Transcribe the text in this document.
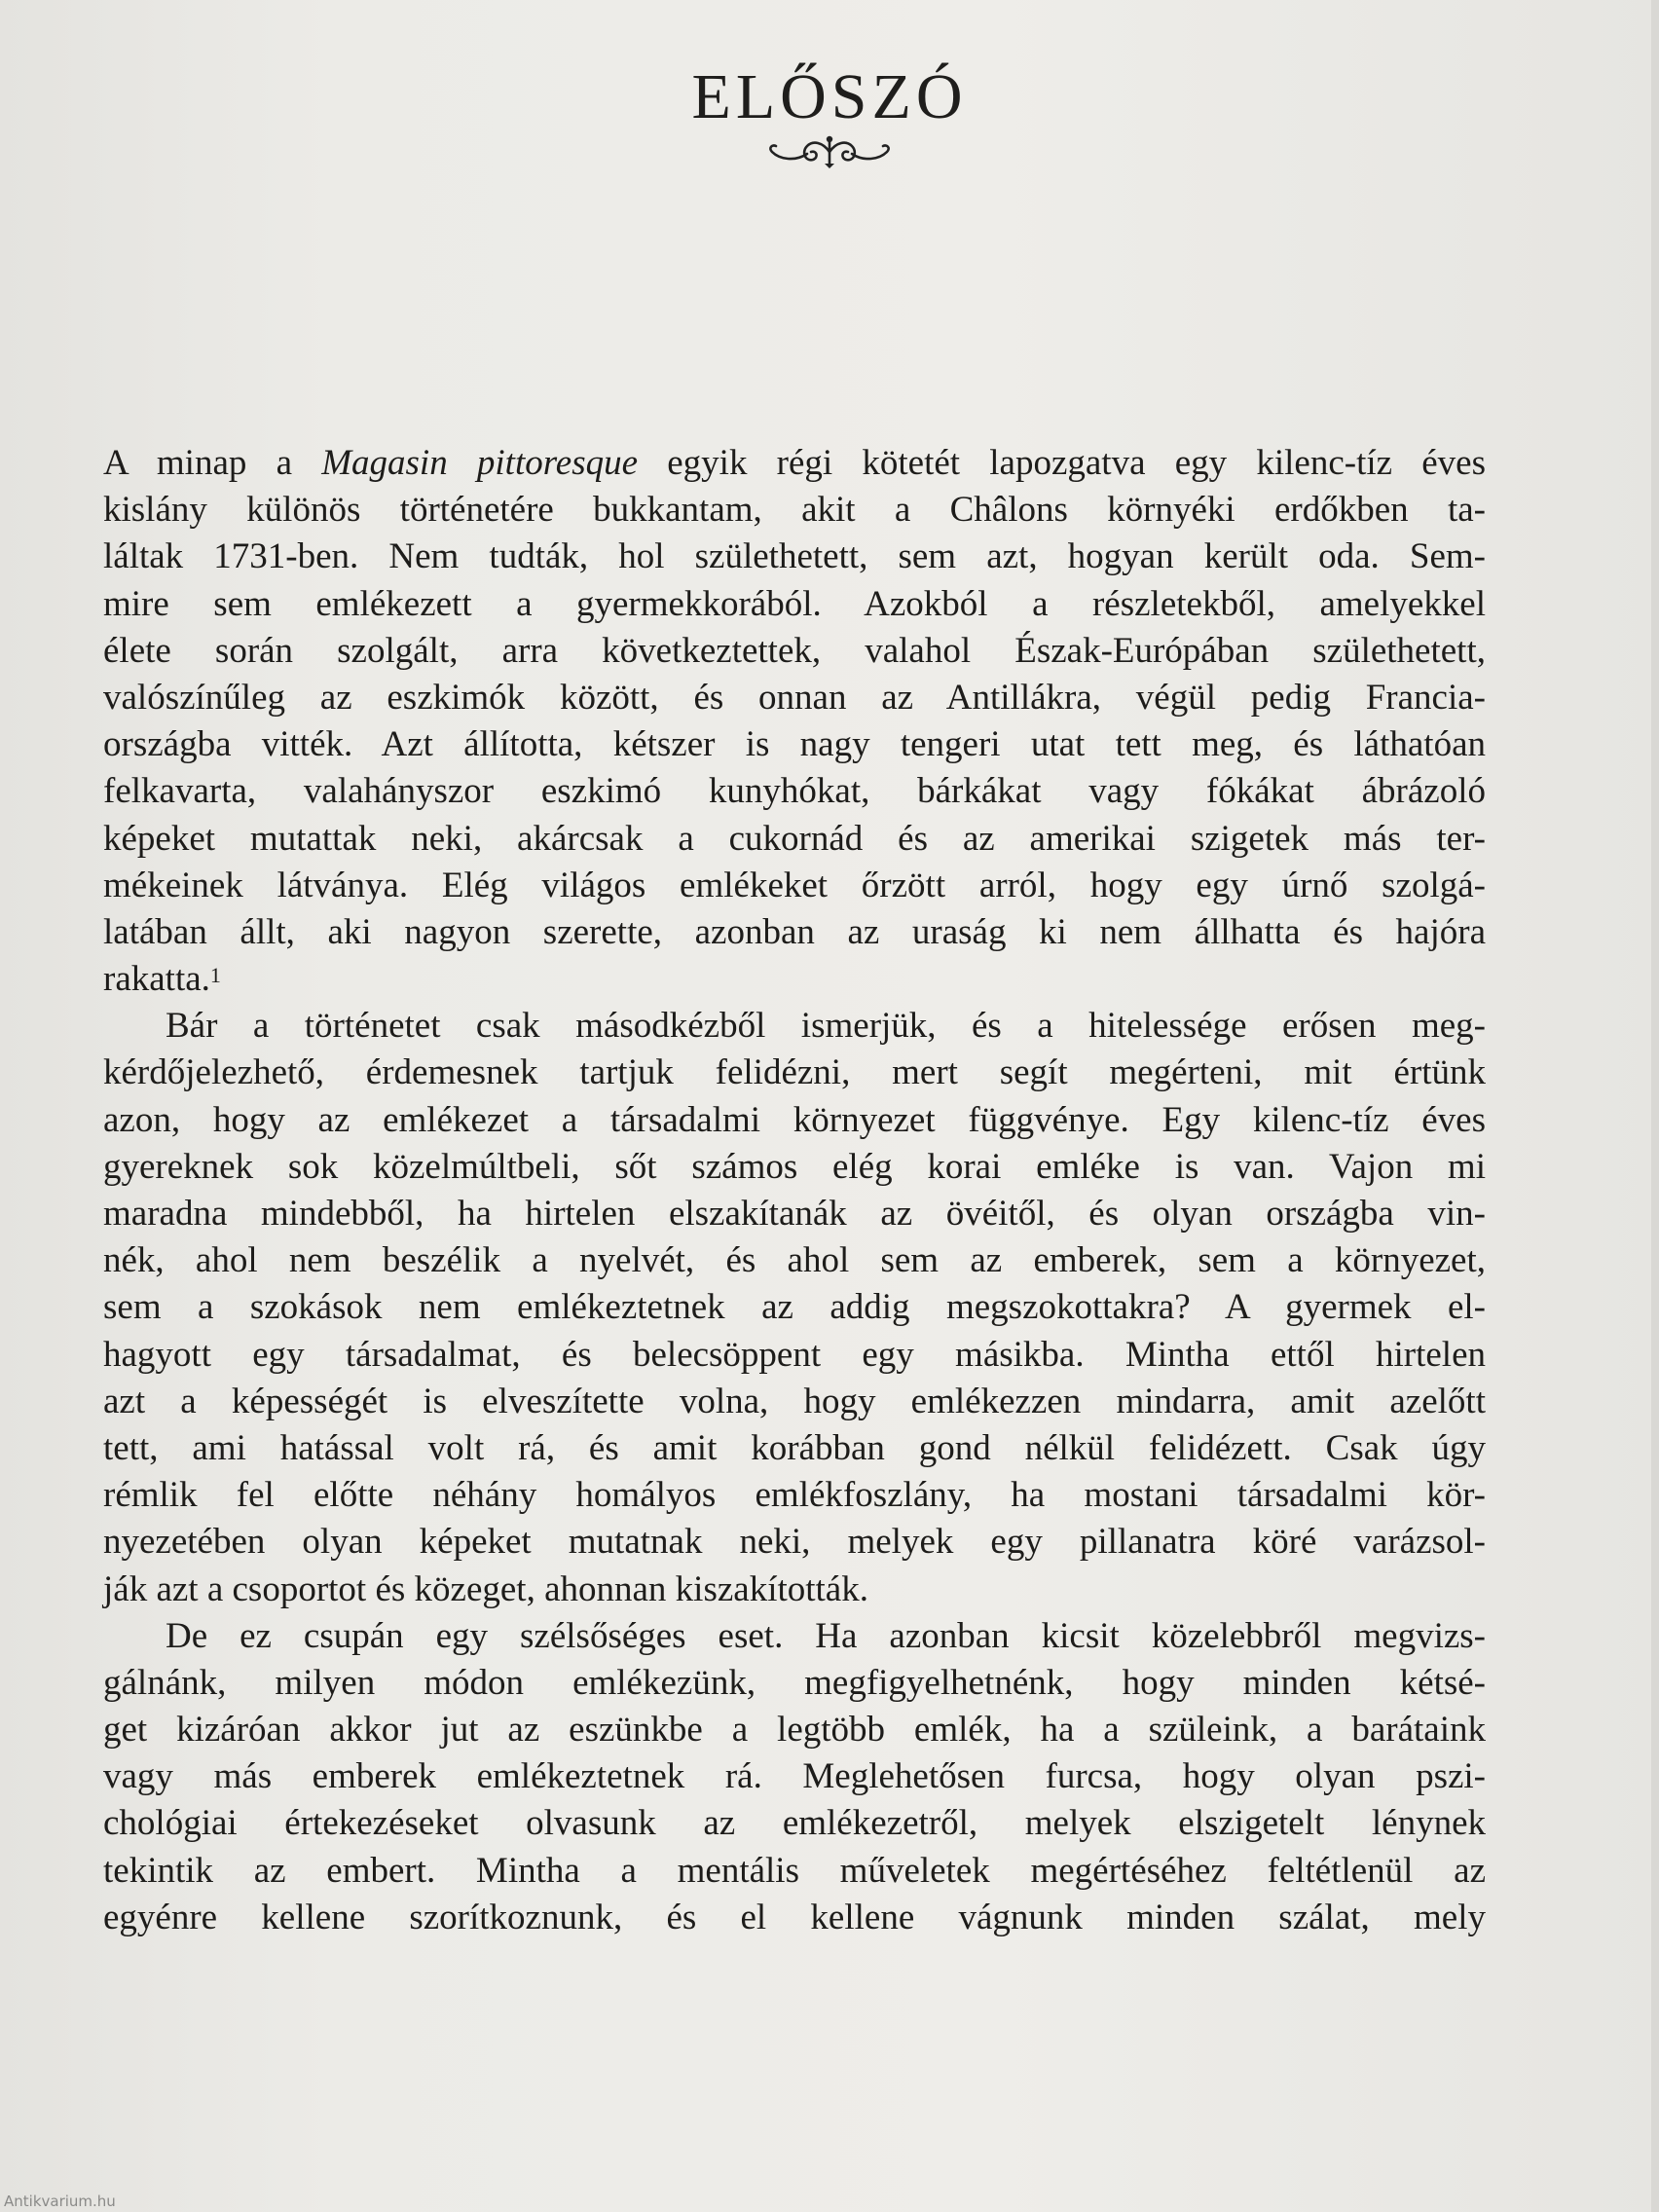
ELŐSZÓ
A minap a Magasin pittoresque egyik régi kötetét lapozgatva egy kilenc-tíz éves
kislány különös történetére bukkantam, akit a Châlons környéki erdőkben ta-
láltak 1731-ben. Nem tudták, hol születhetett, sem azt, hogyan került oda. Sem-
mire sem emlékezett a gyermekkorából. Azokból a részletekből, amelyekkel
élete során szolgált, arra következtettek, valahol Észak-Európában születhetett,
valószínűleg az eszkimók között, és onnan az Antillákra, végül pedig Francia-
országba vitték. Azt állította, kétszer is nagy tengeri utat tett meg, és láthatóan
felkavarta, valahányszor eszkimó kunyhókat, bárkákat vagy fókákat ábrázoló
képeket mutattak neki, akárcsak a cukornád és az amerikai szigetek más ter-
mékeinek látványa. Elég világos emlékeket őrzött arról, hogy egy úrnő szolgá-
latában állt, aki nagyon szerette, azonban az uraság ki nem állhatta és hajóra
rakatta.$^1$
Bár a történetet csak másodkézből ismerjük, és a hitelessége erősen meg-
kérdőjelezhető, érdemesnek tartjuk felidézni, mert segít megérteni, mit értünk
azon, hogy az emlékezet a társadalmi környezet függvénye. Egy kilenc-tíz éves
gyereknek sok közelmúltbeli, sőt számos elég korai emléke is van. Vajon mi
maradna mindebből, ha hirtelen elszakítanák az övéitől, és olyan országba vin-
nék, ahol nem beszélik a nyelvét, és ahol sem az emberek, sem a környezet,
sem a szokások nem emlékeztetnek az addig megszokottakra? A gyermek el-
hagyott egy társadalmat, és belecsöppent egy másikba. Mintha ettől hirtelen
azt a képességét is elveszítette volna, hogy emlékezzen mindarra, amit azelőtt
tett, ami hatással volt rá, és amit korábban gond nélkül felidézett. Csak úgy
rémlik fel előtte néhány homályos emlékfoszlány, ha mostani társadalmi kör-
nyezetében olyan képeket mutatnak neki, melyek egy pillanatra köré varázsol-
ják azt a csoportot és közeget, ahonnan kiszakították.
De ez csupán egy szélsőséges eset. Ha azonban kicsit közelebbről megvizs-
gálnánk, milyen módon emlékezünk, megfigyelhetnénk, hogy minden kétsé-
get kizáróan akkor jut az eszünkbe a legtöbb emlék, ha a szüleink, a barátaink
vagy más emberek emlékeztetnek rá. Meglehetősen furcsa, hogy olyan pszi-
chológiai értekezéseket olvasunk az emlékezetről, melyek elszigetelt lénynek
tekintik az embert. Mintha a mentális műveletek megértéséhez feltétlenül az
egyénre kellene szorítkoznunk, és el kellene vágnunk minden szálat, mely
Antikvarium.hu
